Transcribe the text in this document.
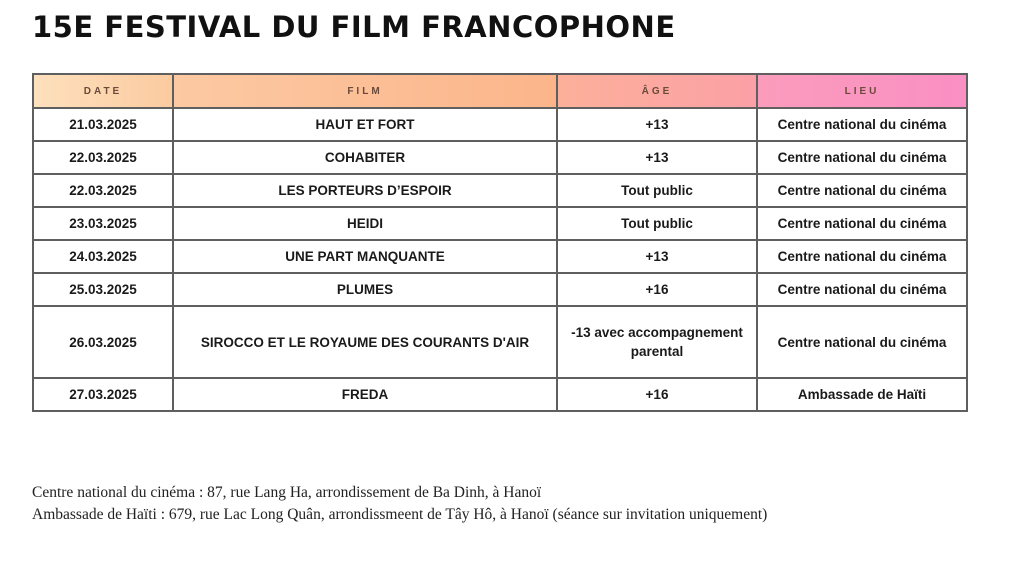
15E FESTIVAL DU FILM FRANCOPHONE
DATE	FILM	ÂGE	LIEU
21.03.2025	HAUT ET FORT	+13	Centre national du cinéma
22.03.2025	COHABITER	+13	Centre national du cinéma
22.03.2025	LES PORTEURS D’ESPOIR	Tout public	Centre national du cinéma
23.03.2025	HEIDI	Tout public	Centre national du cinéma
24.03.2025	UNE PART MANQUANTE	+13	Centre national du cinéma
25.03.2025	PLUMES	+16	Centre national du cinéma
26.03.2025	SIROCCO ET LE ROYAUME DES COURANTS D'AIR	-13 avec accompagnement parental	Centre national du cinéma
27.03.2025	FREDA	+16	Ambassade de Haïti
Centre national du cinéma : 87, rue Lang Ha, arrondissement de Ba Dinh, à Hanoï
Ambassade de Haïti : 679, rue Lac Long Quân, arrondissmeent de Tây Hô, à Hanoï (séance sur invitation uniquement)
